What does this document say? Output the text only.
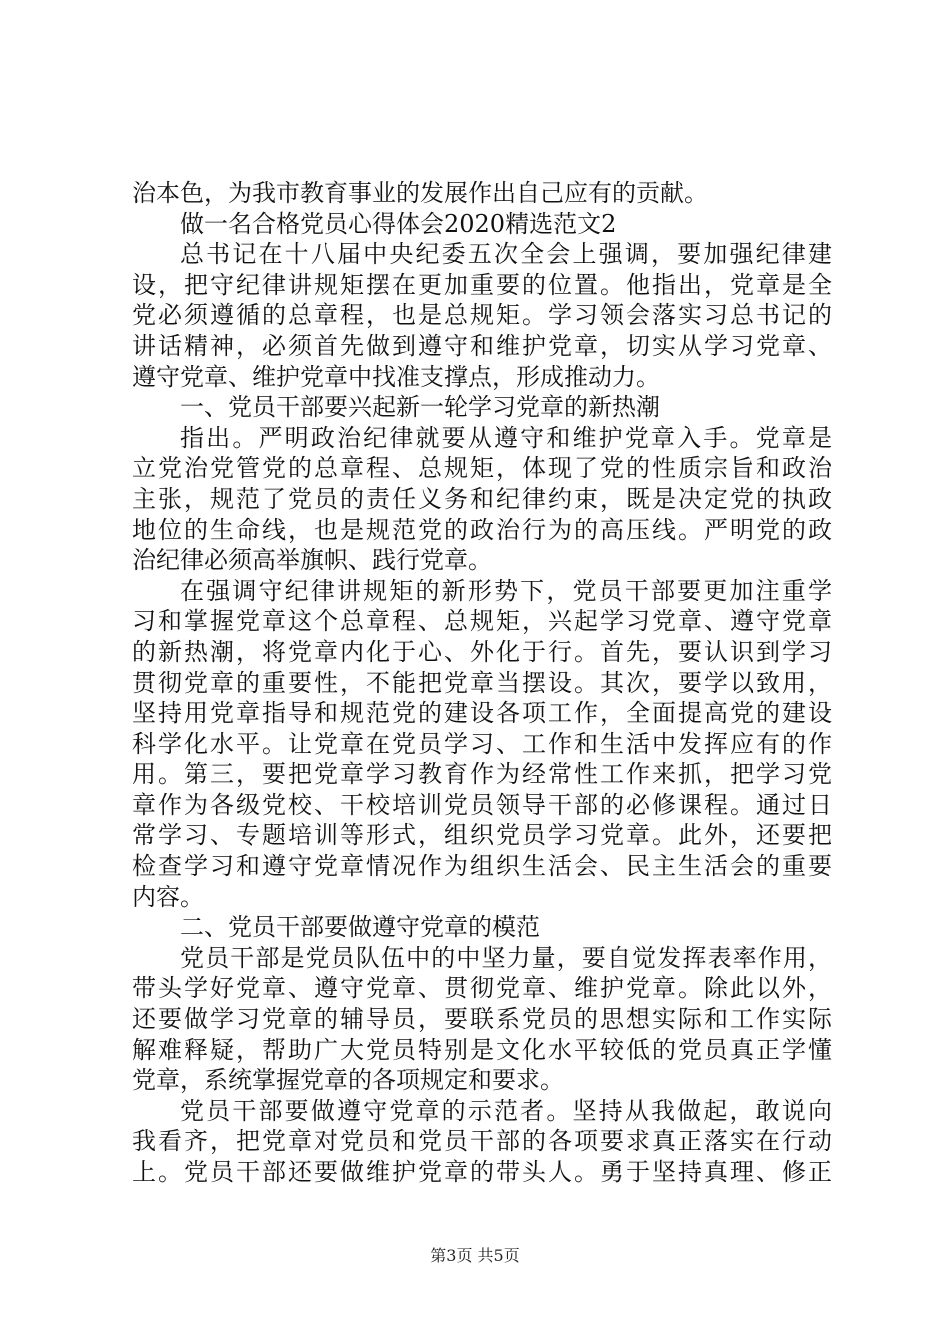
治本色，为我市教育事业的发展作出自己应有的贡献。
做一名合格党员心得体会2020精选范文2
总书记在十八届中央纪委五次全会上强调，要加强纪律建
设，把守纪律讲规矩摆在更加重要的位置。他指出，党章是全
党必须遵循的总章程，也是总规矩。学习领会落实习总书记的
讲话精神，必须首先做到遵守和维护党章，切实从学习党章、
遵守党章、维护党章中找准支撑点，形成推动力。
一、党员干部要兴起新一轮学习党章的新热潮
指出。严明政治纪律就要从遵守和维护党章入手。党章是
立党治党管党的总章程、总规矩，体现了党的性质宗旨和政治
主张，规范了党员的责任义务和纪律约束，既是决定党的执政
地位的生命线，也是规范党的政治行为的高压线。严明党的政
治纪律必须高举旗帜、践行党章。
在强调守纪律讲规矩的新形势下，党员干部要更加注重学
习和掌握党章这个总章程、总规矩，兴起学习党章、遵守党章
的新热潮，将党章内化于心、外化于行。首先，要认识到学习
贯彻党章的重要性，不能把党章当摆设。其次，要学以致用，
坚持用党章指导和规范党的建设各项工作，全面提高党的建设
科学化水平。让党章在党员学习、工作和生活中发挥应有的作
用。第三，要把党章学习教育作为经常性工作来抓，把学习党
章作为各级党校、干校培训党员领导干部的必修课程。通过日
常学习、专题培训等形式，组织党员学习党章。此外，还要把
检查学习和遵守党章情况作为组织生活会、民主生活会的重要
内容。
二、党员干部要做遵守党章的模范
党员干部是党员队伍中的中坚力量，要自觉发挥表率作用，
带头学好党章、遵守党章、贯彻党章、维护党章。除此以外，
还要做学习党章的辅导员，要联系党员的思想实际和工作实际
解难释疑，帮助广大党员特别是文化水平较低的党员真正学懂
党章，系统掌握党章的各项规定和要求。
党员干部要做遵守党章的示范者。坚持从我做起，敢说向
我看齐，把党章对党员和党员干部的各项要求真正落实在行动
上。党员干部还要做维护党章的带头人。勇于坚持真理、修正
第3页 共5页
